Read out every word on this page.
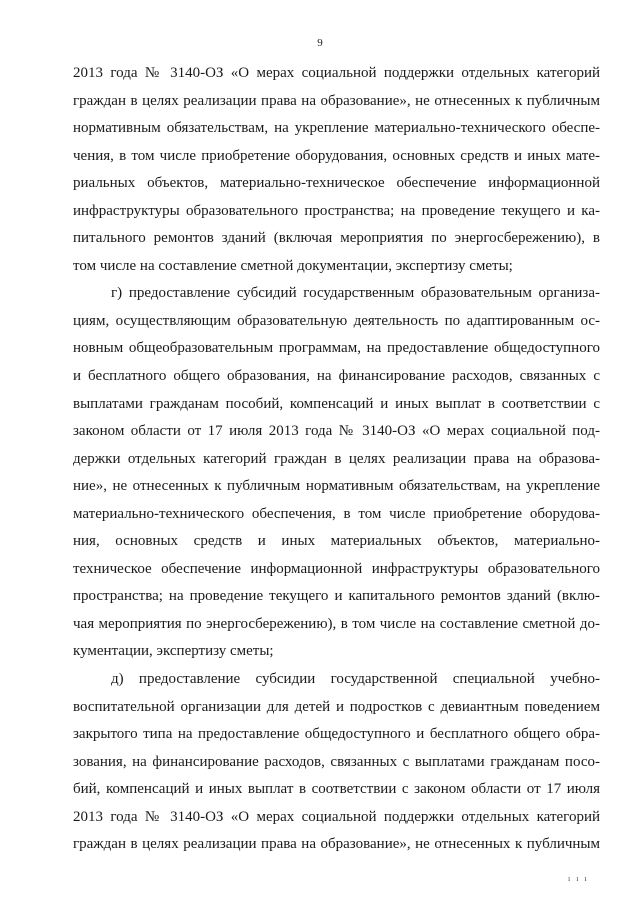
9
2013 года № 3140-ОЗ «О мерах социальной поддержки отдельных категорий
граждан в целях реализации права на образование», не отнесенных к публичным
нормативным обязательствам, на укрепление материально-технического обеспе-
чения, в том числе приобретение оборудования, основных средств и иных мате-
риальных объектов, материально-техническое обеспечение информационной
инфраструктуры образовательного пространства; на проведение текущего и ка-
питального ремонтов зданий (включая мероприятия по энергосбережению), в
том числе на составление сметной документации, экспертизу сметы;
г) предоставление субсидий государственным образовательным организа-
циям, осуществляющим образовательную деятельность по адаптированным ос-
новным общеобразовательным программам, на предоставление общедоступного
и бесплатного общего образования, на финансирование расходов, связанных с
выплатами гражданам пособий, компенсаций и иных выплат в соответствии с
законом области от 17 июля 2013 года № 3140-ОЗ «О мерах социальной под-
держки отдельных категорий граждан в целях реализации права на образова-
ние», не отнесенных к публичным нормативным обязательствам, на укрепление
материально-технического обеспечения, в том числе приобретение оборудова-
ния, основных средств и иных материальных объектов, материально-
техническое обеспечение информационной инфраструктуры образовательного
пространства; на проведение текущего и капитального ремонтов зданий (вклю-
чая мероприятия по энергосбережению), в том числе на составление сметной до-
кументации, экспертизу сметы;
д) предоставление субсидии государственной специальной учебно-
воспитательной организации для детей и подростков с девиантным поведением
закрытого типа на предоставление общедоступного и бесплатного общего обра-
зования, на финансирование расходов, связанных с выплатами гражданам посо-
бий, компенсаций и иных выплат в соответствии с законом области от 17 июля
2013 года № 3140-ОЗ «О мерах социальной поддержки отдельных категорий
граждан в целях реализации права на образование», не отнесенных к публичным
ı ı ı
